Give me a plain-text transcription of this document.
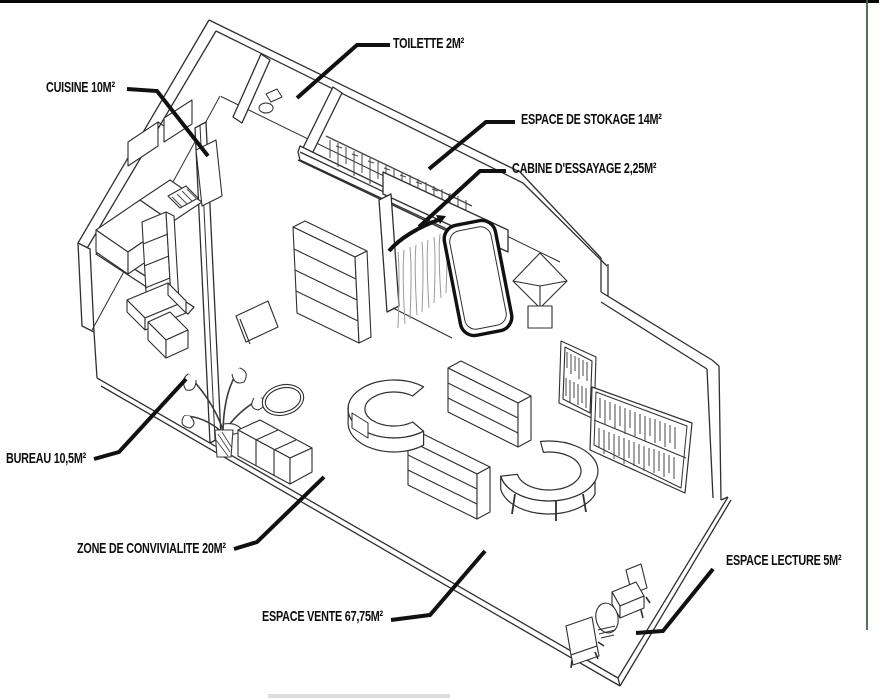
TOILETTE 2M²
CUISINE 10M²
ESPACE DE STOKAGE 14M²
CABINE D'ESSAYAGE 2,25M²
BUREAU 10,5M²
ZONE DE CONVIVIALITE 20M²
ESPACE VENTE 67,75M²
ESPACE LECTURE 5M²
